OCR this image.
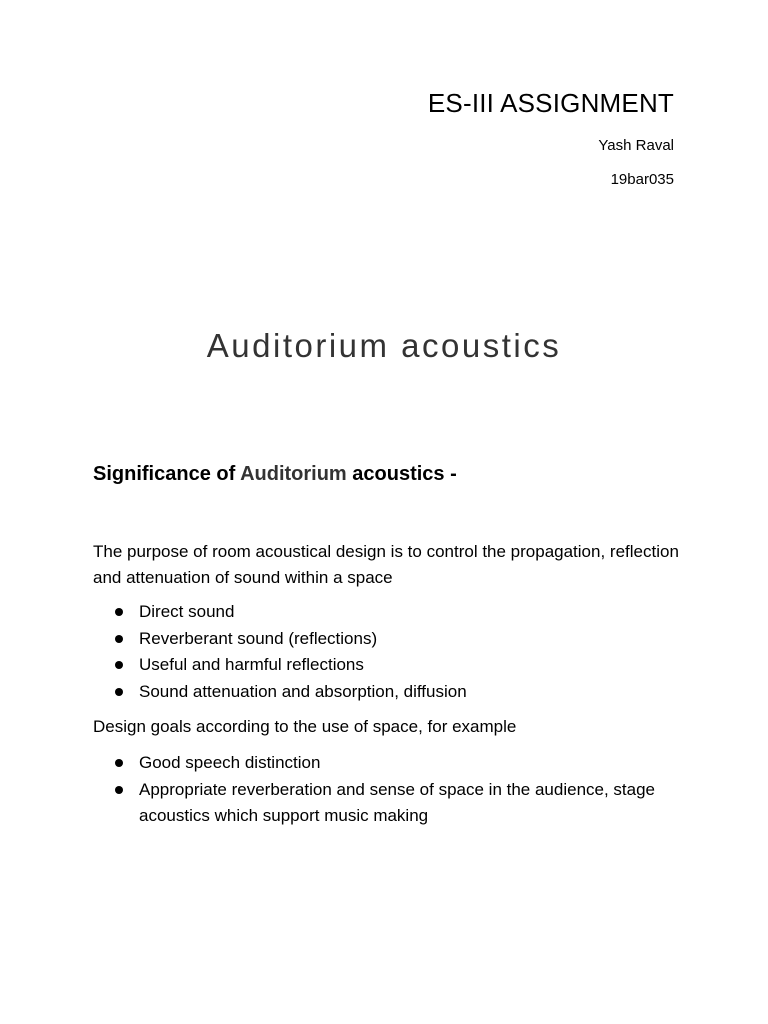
ES-III ASSIGNMENT
Yash Raval
19bar035
Auditorium acoustics
Significance of Auditorium acoustics -
The purpose of room acoustical design is to control the propagation, reflection and attenuation of sound within a space
Direct sound
Reverberant sound (reflections)
Useful and harmful reflections
Sound attenuation and absorption, diffusion
Design goals according to the use of space, for example
Good speech distinction
Appropriate reverberation and sense of space in the audience, stage acoustics which support music making
